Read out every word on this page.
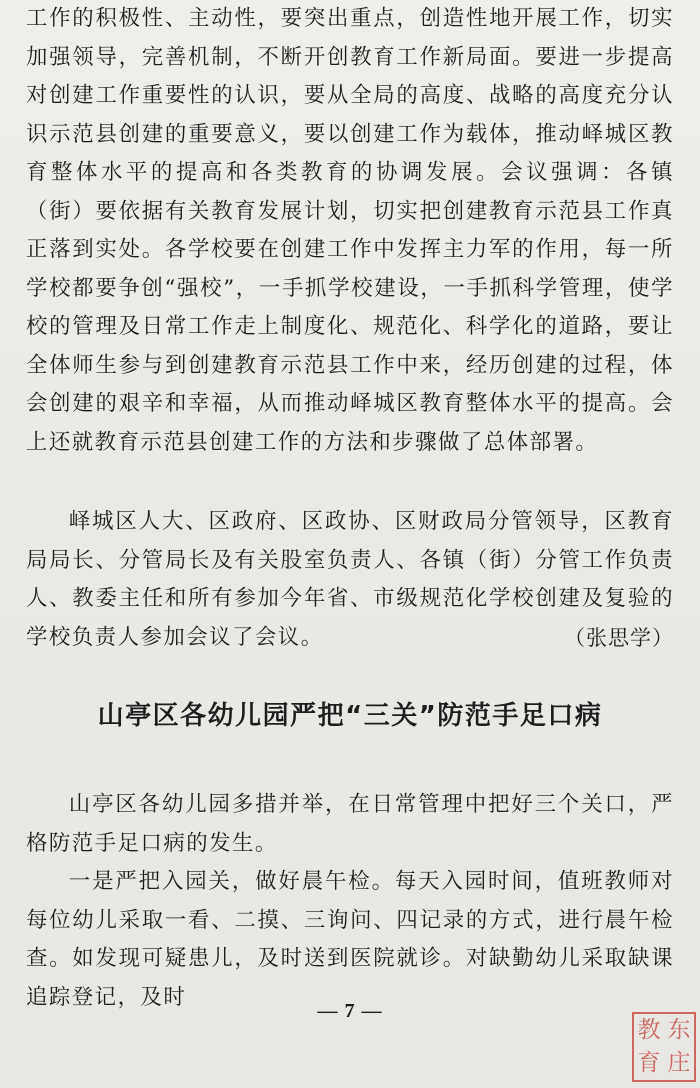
工作的积极性、主动性，要突出重点，创造性地开展工作，切实加强领导，完善机制，不断开创教育工作新局面。要进一步提高对创建工作重要性的认识，要从全局的高度、战略的高度充分认识示范县创建的重要意义，要以创建工作为载体，推动峄城区教育整体水平的提高和各类教育的协调发展。会议强调：各镇（街）要依据有关教育发展计划，切实把创建教育示范县工作真正落到实处。各学校要在创建工作中发挥主力军的作用，每一所学校都要争创“强校”，一手抓学校建设，一手抓科学管理，使学校的管理及日常工作走上制度化、规范化、科学化的道路，要让全体师生参与到创建教育示范县工作中来，经历创建的过程，体会创建的艰辛和幸福，从而推动峄城区教育整体水平的提高。会上还就教育示范县创建工作的方法和步骤做了总体部署。

峄城区人大、区政府、区政协、区财政局分管领导，区教育局局长、分管局长及有关股室负责人、各镇（街）分管工作负责人、教委主任和所有参加今年省、市级规范化学校创建及复验的学校负责人参加会议了会议。	（张思学）
山亭区各幼儿园严把“三关”防范手足口病

山亭区各幼儿园多措并举，在日常管理中把好三个关口，严格防范手足口病的发生。

一是严把入园关，做好晨午检。每天入园时间，值班教师对每位幼儿采取一看、二摸、三询问、四记录的方式，进行晨午检查。如发现可疑患儿，及时送到医院就诊。对缺勤幼儿采取缺课追踪登记，及时

— 7 —
教 东
育 庄
